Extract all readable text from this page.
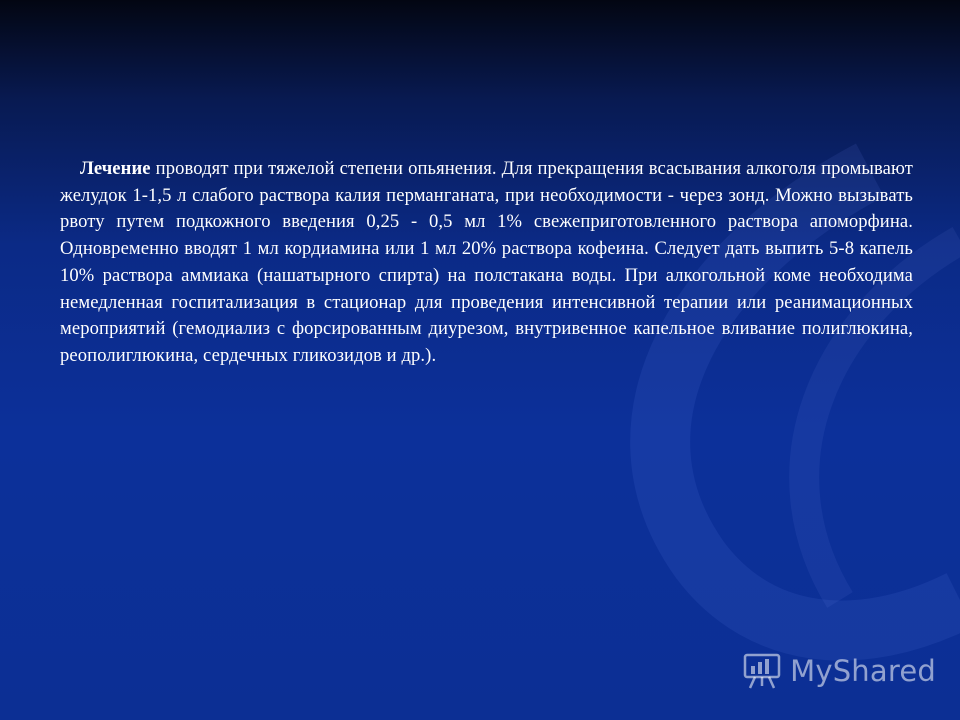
Лечение проводят при тяжелой степени опьянения. Для прекращения всасывания алкоголя промывают желудок 1-1,5 л слабого раствора калия перманганата, при необходимости - через зонд. Можно вызывать рвоту путем подкожного введения 0,25 - 0,5 мл 1% свежеприготовленного раствора апоморфина. Одновременно вводят 1 мл кордиамина или 1 мл 20% раствора кофеина. Следует дать выпить 5-8 капель 10% раствора аммиака (нашатырного спирта) на полстакана воды. При алкогольной коме необходима немедленная госпитализация в стационар для проведения интенсивной терапии или реанимационных мероприятий (гемодиализ с форсированным диурезом, внутривенное капельное вливание полиглюкина, реополиглюкина, сердечных гликозидов и др.).

MyShared
